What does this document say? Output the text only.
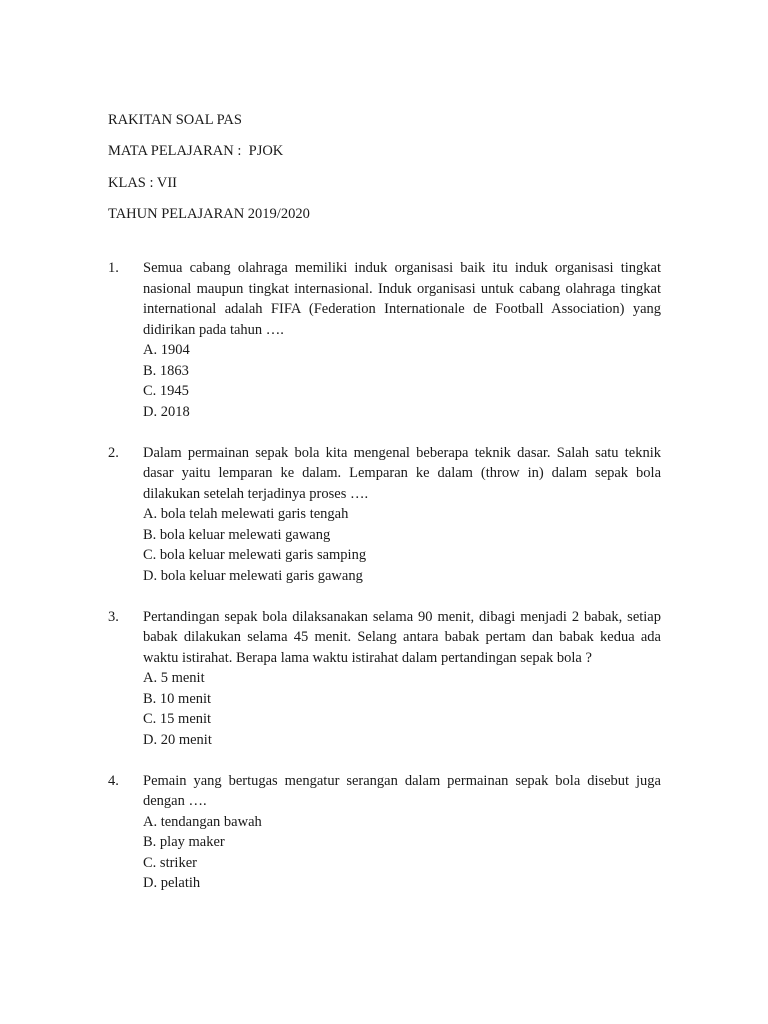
RAKITAN SOAL PAS
MATA PELAJARAN :  PJOK
KLAS : VII
TAHUN PELAJARAN 2019/2020
1.	Semua cabang olahraga memiliki induk organisasi baik itu induk organisasi tingkat nasional maupun tingkat internasional. Induk organisasi untuk cabang olahraga tingkat international adalah FIFA (Federation Internationale de Football Association) yang didirikan pada tahun ….
A. 1904
B. 1863
C. 1945
D. 2018
2.	Dalam permainan sepak bola kita mengenal beberapa teknik dasar. Salah satu teknik dasar yaitu lemparan ke dalam. Lemparan ke dalam (throw in) dalam sepak bola dilakukan setelah terjadinya proses ….
A. bola telah melewati garis tengah
B. bola keluar melewati gawang
C. bola keluar melewati garis samping
D. bola keluar melewati garis gawang
3.	Pertandingan sepak bola dilaksanakan selama 90 menit, dibagi menjadi 2 babak, setiap babak dilakukan selama 45 menit. Selang antara babak pertam dan babak kedua ada waktu istirahat. Berapa lama waktu istirahat dalam pertandingan sepak bola ?
A. 5 menit
B. 10 menit
C. 15 menit
D. 20 menit
4.	Pemain yang bertugas mengatur serangan dalam permainan sepak bola disebut juga dengan ….
A. tendangan bawah
B. play maker
C. striker
D. pelatih
